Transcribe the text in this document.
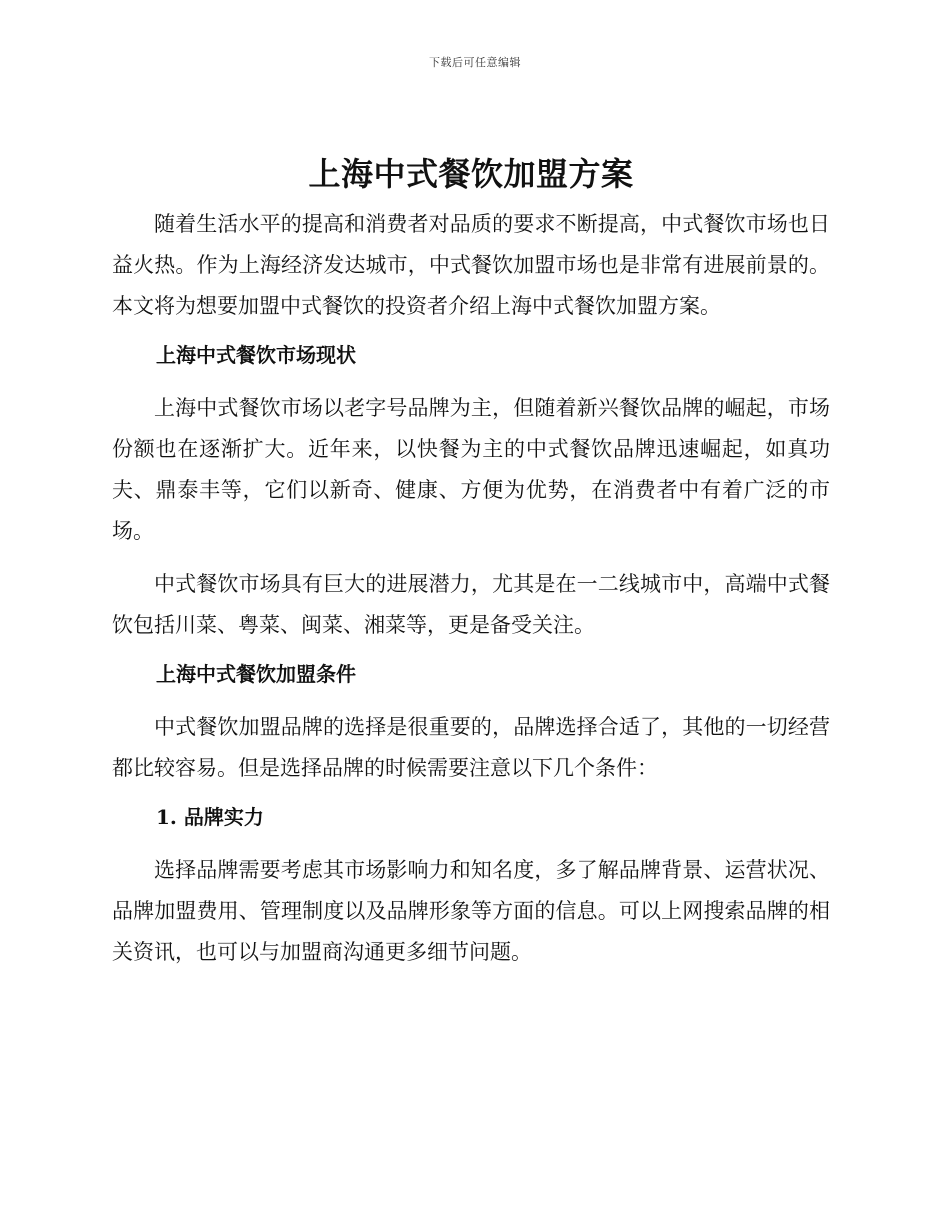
下载后可任意编辑
上海中式餐饮加盟方案

随着生活水平的提高和消费者对品质的要求不断提高，中式餐饮市场也日益火热。作为上海经济发达城市，中式餐饮加盟市场也是非常有进展前景的。本文将为想要加盟中式餐饮的投资者介绍上海中式餐饮加盟方案。

上海中式餐饮市场现状

上海中式餐饮市场以老字号品牌为主，但随着新兴餐饮品牌的崛起，市场份额也在逐渐扩大。近年来，以快餐为主的中式餐饮品牌迅速崛起，如真功夫、鼎泰丰等，它们以新奇、健康、方便为优势，在消费者中有着广泛的市场。

中式餐饮市场具有巨大的进展潜力，尤其是在一二线城市中，高端中式餐饮包括川菜、粤菜、闽菜、湘菜等，更是备受关注。

上海中式餐饮加盟条件

中式餐饮加盟品牌的选择是很重要的，品牌选择合适了，其他的一切经营都比较容易。但是选择品牌的时候需要注意以下几个条件：

1. 品牌实力

选择品牌需要考虑其市场影响力和知名度，多了解品牌背景、运营状况、品牌加盟费用、管理制度以及品牌形象等方面的信息。可以上网搜索品牌的相关资讯，也可以与加盟商沟通更多细节问题。
